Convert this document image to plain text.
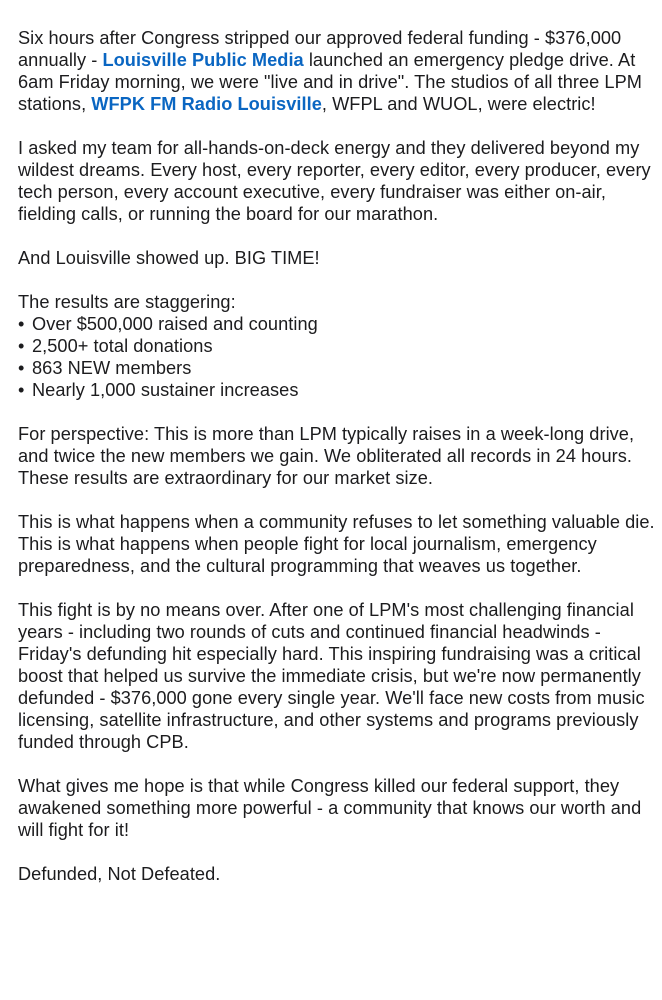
Six hours after Congress stripped our approved federal funding - $376,000 annually - Louisville Public Media launched an emergency pledge drive. At 6am Friday morning, we were "live and in drive". The studios of all three LPM stations, WFPK FM Radio Louisville, WFPL and WUOL, were electric!

I asked my team for all-hands-on-deck energy and they delivered beyond my wildest dreams. Every host, every reporter, every editor, every producer, every tech person, every account executive, every fundraiser was either on-air, fielding calls, or running the board for our marathon.

And Louisville showed up. BIG TIME!

The results are staggering:
• Over $500,000 raised and counting
• 2,500+ total donations
• 863 NEW members
• Nearly 1,000 sustainer increases

For perspective: This is more than LPM typically raises in a week-long drive, and twice the new members we gain. We obliterated all records in 24 hours. These results are extraordinary for our market size.

This is what happens when a community refuses to let something valuable die. This is what happens when people fight for local journalism, emergency preparedness, and the cultural programming that weaves us together.

This fight is by no means over. After one of LPM's most challenging financial years - including two rounds of cuts and continued financial headwinds - Friday's defunding hit especially hard. This inspiring fundraising was a critical boost that helped us survive the immediate crisis, but we're now permanently defunded - $376,000 gone every single year. We'll face new costs from music licensing, satellite infrastructure, and other systems and programs previously funded through CPB.

What gives me hope is that while Congress killed our federal support, they awakened something more powerful - a community that knows our worth and will fight for it!

Defunded, Not Defeated.
